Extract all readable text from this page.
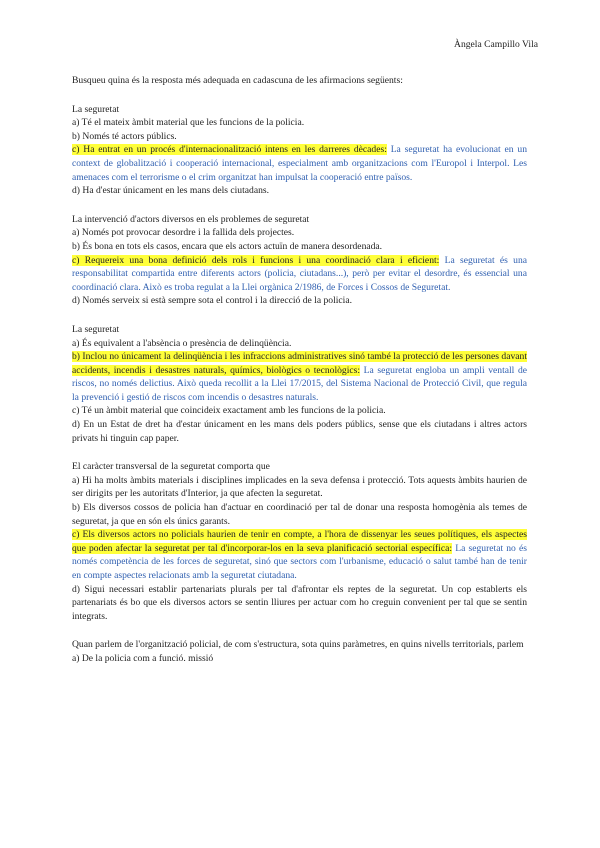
Àngela Campillo Vila

Busqueu quina és la resposta més adequada en cadascuna de les afirmacions següents:

La seguretat

a) Té el mateix àmbit material que les funcions de la policia.

b) Només té actors públics.

c) Ha entrat en un procés d'internacionalització intens en les darreres dècades: La seguretat ha evolucionat en un context de globalització i cooperació internacional, especialment amb organitzacions com l'Europol i Interpol. Les amenaces com el terrorisme o el crim organitzat han impulsat la cooperació entre països.

d) Ha d'estar únicament en les mans dels ciutadans.

La intervenció d'actors diversos en els problemes de seguretat

a) Només pot provocar desordre i la fallida dels projectes.

b) És bona en tots els casos, encara que els actors actuïn de manera desordenada.

c) Requereix una bona definició dels rols i funcions i una coordinació clara i eficient: La seguretat és una responsabilitat compartida entre diferents actors (policia, ciutadans...), però per evitar el desordre, és essencial una coordinació clara. Això es troba regulat a la Llei orgànica 2/1986, de Forces i Cossos de Seguretat.

d) Només serveix si està sempre sota el control i la direcció de la policia.

La seguretat

a) És equivalent a l'absència o presència de delinqüència.

b) Inclou no únicament la delinqüència i les infraccions administratives sinó també la protecció de les persones davant accidents, incendis i desastres naturals, químics, biològics o tecnològics: La seguretat engloba un ampli ventall de riscos, no només delictius. Això queda recollit a la Llei 17/2015, del Sistema Nacional de Protecció Civil, que regula la prevenció i gestió de riscos com incendis o desastres naturals.

c) Té un àmbit material que coincideix exactament amb les funcions de la policia.

d) En un Estat de dret ha d'estar únicament en les mans dels poders públics, sense que els ciutadans i altres actors privats hi tinguin cap paper.

El caràcter transversal de la seguretat comporta que

a) Hi ha molts àmbits materials i disciplines implicades en la seva defensa i protecció. Tots aquests àmbits haurien de ser dirigits per les autoritats d'Interior, ja que afecten la seguretat.

b) Els diversos cossos de policia han d'actuar en coordinació per tal de donar una resposta homogènia als temes de seguretat, ja que en són els únics garants.

c) Els diversos actors no policials haurien de tenir en compte, a l'hora de dissenyar les seues polítiques, els aspectes que poden afectar la seguretat per tal d'incorporar-los en la seva planificació sectorial específica: La seguretat no és només competència de les forces de seguretat, sinó que sectors com l'urbanisme, educació o salut també han de tenir en compte aspectes relacionats amb la seguretat ciutadana.

d) Sigui necessari establir partenariats plurals per tal d'afrontar els reptes de la seguretat. Un cop establerts els partenariats és bo que els diversos actors se sentin lliures per actuar com ho creguin convenient per tal que se sentin integrats.

Quan parlem de l'organització policial, de com s'estructura, sota quins paràmetres, en quins nivells territorials, parlem

a) De la policia com a funció. missió
